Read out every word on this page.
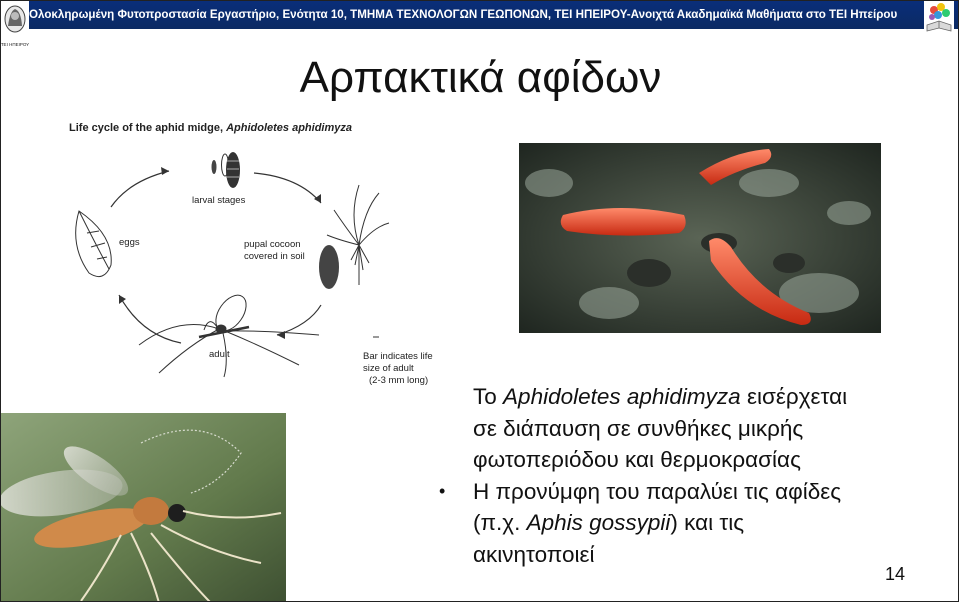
Ολοκληρωμένη Φυτοπροστασία Εργαστήριο, Ενότητα 10, ΤΜΗΜΑ ΤΕΧΝΟΛΟΓΩΝ ΓΕΩΠΟΝΩΝ, ΤΕΙ ΗΠΕΙΡΟΥ-Ανοιχτά Ακαδημαϊκά Μαθήματα στο ΤΕΙ Ηπείρου
ΤΕΙ ΗΠΕΙΡΟΥ
Αρπακτικά αφίδων
Life cycle of the aphid midge, Aphidoletes aphidimyza
larval stages
eggs	pupal cocoon
covered in soil
adult	Bar indicates life
size of adult
(2-3 mm long)
Το Aphidoletes aphidimyza εισέρχεται
σε διάπαυση σε συνθήκες μικρής
φωτοπεριόδου και θερμοκρασίας
• Η προνύμφη του παραλύει τις αφίδες
(π.χ. Aphis gossypii) και τις
ακινητοποιεί
14
